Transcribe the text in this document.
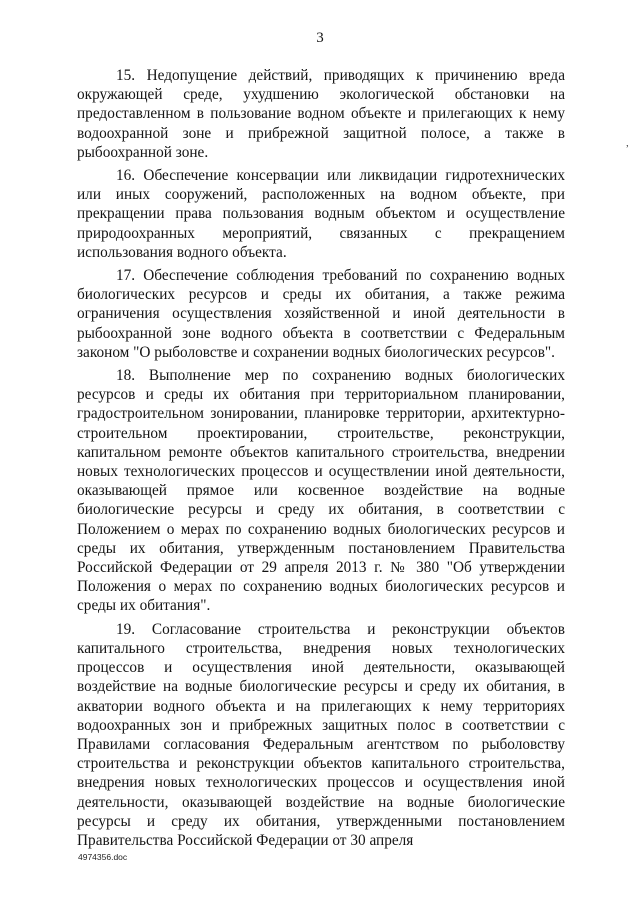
3

15. Недопущение действий, приводящих к причинению вреда окружающей среде, ухудшению экологической обстановки на предоставленном в пользование водном объекте и прилегающих к нему водоохранной зоне и прибрежной защитной полосе, а также в рыбоохранной зоне.

16. Обеспечение консервации или ликвидации гидротехнических или иных сооружений, расположенных на водном объекте, при прекращении права пользования водным объектом и осуществление природоохранных мероприятий, связанных с прекращением использования водного объекта.

17. Обеспечение соблюдения требований по сохранению водных биологических ресурсов и среды их обитания, а также режима ограничения осуществления хозяйственной и иной деятельности в рыбоохранной зоне водного объекта в соответствии с Федеральным законом "О рыболовстве и сохранении водных биологических ресурсов".

18. Выполнение мер по сохранению водных биологических ресурсов и среды их обитания при территориальном планировании, градостроительном зонировании, планировке территории, архитектурно-строительном проектировании, строительстве, реконструкции, капитальном ремонте объектов капитального строительства, внедрении новых технологических процессов и осуществлении иной деятельности, оказывающей прямое или косвенное воздействие на водные биологические ресурсы и среду их обитания, в соответствии с Положением о мерах по сохранению водных биологических ресурсов и среды их обитания, утвержденным постановлением Правительства Российской Федерации от 29 апреля 2013 г. № 380 "Об утверждении Положения о мерах по сохранению водных биологических ресурсов и среды их обитания".

19. Согласование строительства и реконструкции объектов капитального строительства, внедрения новых технологических процессов и осуществления иной деятельности, оказывающей воздействие на водные биологические ресурсы и среду их обитания, в акватории водного объекта и на прилегающих к нему территориях водоохранных зон и прибрежных защитных полос в соответствии с Правилами согласования Федеральным агентством по рыболовству строительства и реконструкции объектов капитального строительства, внедрения новых технологических процессов и осуществления иной деятельности, оказывающей воздействие на водные биологические ресурсы и среду их обитания, утвержденными постановлением Правительства Российской Федерации от 30 апреля

,
4974356.doc
